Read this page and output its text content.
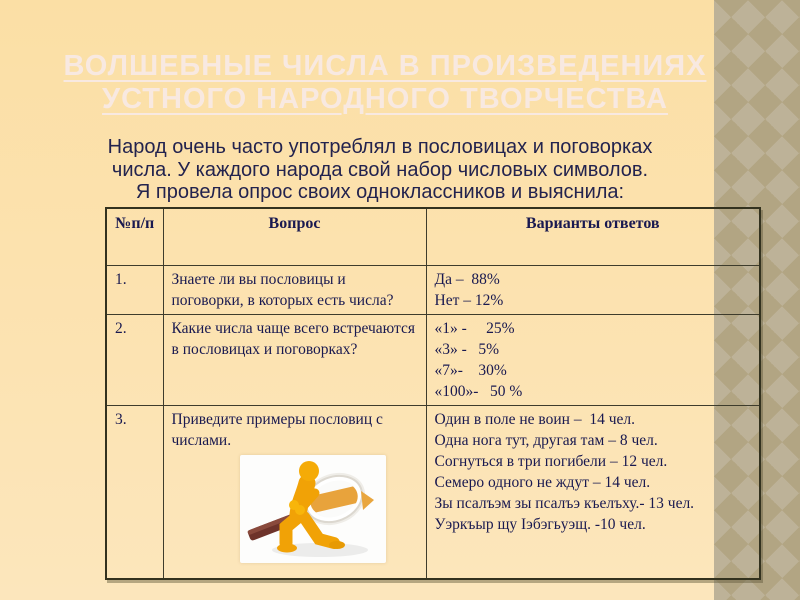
ВОЛШЕБНЫЕ ЧИСЛА В ПРОИЗВЕДЕНИЯХ
УСТНОГО НАРОДНОГО ТВОРЧЕСТВА
Народ очень часто употреблял в пословицах и поговорках
числа. У каждого народа свой набор числовых символов.
Я провела опрос своих одноклассников и выяснила:
№п/п	Вопрос	Варианты ответов
1.	Знаете ли вы пословицы и поговорки, в которых есть числа?	Да –  88%
Нет – 12%

2.	Какие числа чаще всего встречаются в пословицах и поговорках?	«1» -     25%
«3» -   5%
«7»-    30%
«100»-   50 %

3.	Приведите примеры пословиц с числами.

Один в поле не воин –  14 чел.
Одна нога тут, другая там – 8 чел.
Согнуться в три погибели – 12 чел.
Семеро одного не ждут – 14 чел.
Зы псалъэм зы псалъэ къелъху.- 13 чел.
Уэркъыр щу Iэбэгьуэщ. -10 чел.
